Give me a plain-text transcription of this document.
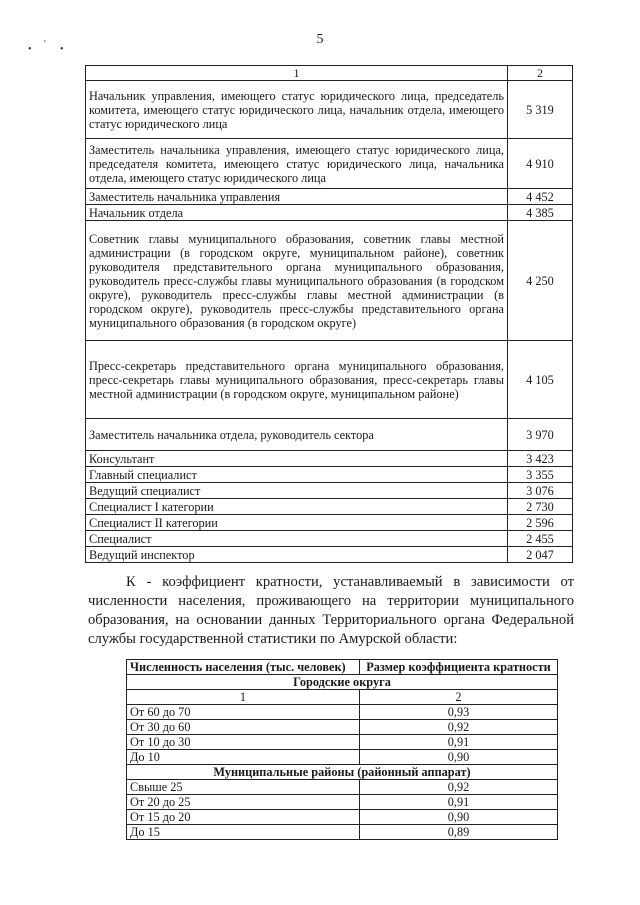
5
• ' •
1	2
Начальник управления, имеющего статус юридического лица, председатель комитета, имеющего статус юридического лица, начальник отдела, имеющего статус юридического лица	5 319
Заместитель начальника управления, имеющего статус юридического лица, председателя комитета, имеющего статус юридического лица, начальника отдела, имеющего статус юридического лица	4 910
Заместитель начальника управления	4 452
Начальник отдела	4 385
Советник главы муниципального образования, советник главы местной администрации (в городском округе, муниципальном районе), советник руководителя представительного органа муниципального образования, руководитель пресс-службы главы муниципального образования (в городском округе), руководитель пресс-службы главы местной администрации (в городском округе), руководитель пресс-службы представительного органа муниципального образования (в городском округе)	4 250
Пресс-секретарь представительного органа муниципального образования, пресс-секретарь главы муниципального образования, пресс-секретарь главы местной администрации (в городском округе, муниципальном районе)	4 105
Заместитель начальника отдела, руководитель сектора	3 970
Консультант	3 423
Главный специалист	3 355
Ведущий специалист	3 076
Специалист I категории	2 730
Специалист II категории	2 596
Специалист	2 455
Ведущий инспектор	2 047
К - коэффициент кратности, устанавливаемый в зависимости от численности населения, проживающего на территории муниципального образования, на основании данных Территориального органа Федеральной службы государственной статистики по Амурской области:
Численность населения (тыс. человек)	Размер коэффициента кратности
Городские округа	
1	2
От 60 до 70	0,93
От 30 до 60	0,92
От 10 до 30	0,91
До 10	0,90
Муниципальные районы (районный аппарат)	
Свыше 25	0,92
От 20 до 25	0,91
От 15 до 20	0,90
До 15	0,89
